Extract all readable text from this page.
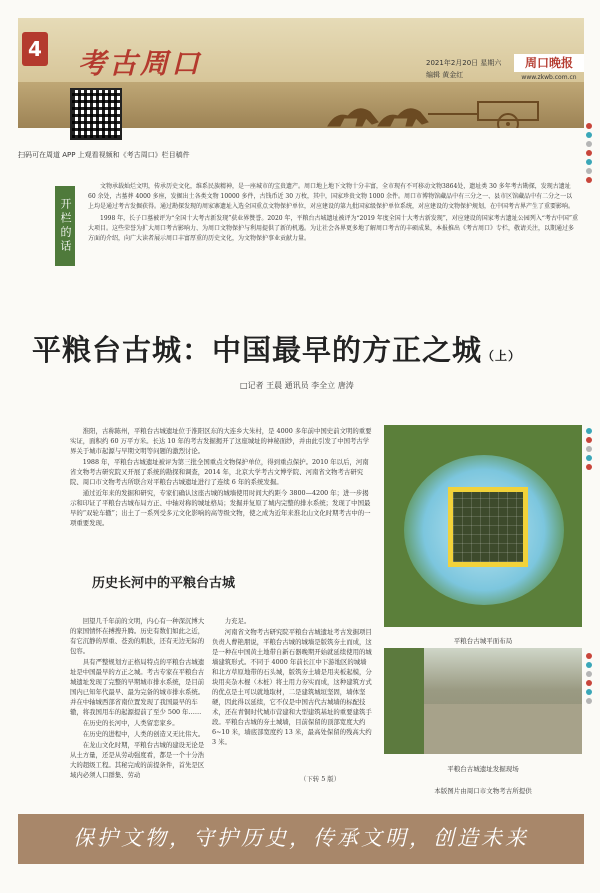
4 考古周口	2021年2月20日 星期六
编辑 黄金红
周口晚报
www.zkwb.com.cn
扫码可在周道 APP 上观看视频和《考古周口》栏目稿件
开栏的话

文物承载灿烂文明，传承历史文化，维系民族精神，是一座城市的宝贵遗产。周口地上地下文物十分丰富，全市现有不可移动文物3864处，遗址类 30 多年考古勘探，发现古遗址 60 余处，古墓葬 4000 多座，发掘出土各类文物 10000 多件，古钱币近 30 万枚，其中，国家珍贵文物 1000 余件。周口市博物馆藏品中有三分之一、县市区馆藏品中有二分之一以上均是通过考古发掘获得。通过勘探发现的周家寨遗址入选全国重点文物保护单位，对应建设的第九批国家级保护单位系统，对应建设的文物保护规划，在中国考古界产生了重要影响。

1998 年，长子口墓被评为“全国十大考古新发现”获业界赞誉。2020 年，平粮台古城遗址被评为“2019 年度全国十大考古新发现”，对应建设的国家考古遗址公园列入“考古中国”重大项目。这些荣誉为扩大周口考古影响力、为周口文物保护与利用提供了新的机遇。为让社会各界更多地了解周口考古的丰硕成果，本报推出《考古周口》专栏，敬请关注，以期通过多方面的介绍，向广大读者展示周口丰富厚重的历史文化，为文物保护事业贡献力量。

平粮台古城：中国最早的方正之城（上）
□记者 王晨 通讯员 李全立 唐涛

淮阳，古称陈州，平粮台古城遗址位于淮阳区东的大连乡大朱村，是 4000 多年前中国史前文明的重要实证，面积约 60 万平方米。长达 10 年的考古发掘揭开了这座城址的神秘面纱，并由此引发了中国考古学界关于城市起源与早期文明等问题的激烈讨论。

1988 年，平粮台古城遗址被评为第三批全国重点文物保护单位，得到重点保护。2010 年以后，河南省文物考古研究院又开展了系统的勘探和调查，2014 年，北京大学考古文博学院、河南省文物考古研究院、周口市文物考古所联合对平粮台古城遗址进行了连续 6 年的系统发掘。

通过近年来的发掘和研究，专家们确认这座古城的城墙使用时间大约距今 3800—4200 年；进一步揭示和印证了平粮台古城布局方正、中轴对称的城址格局；发掘并复原了城内完整的排水系统；发现了中国最早的“双轮车辙”；出土了一系列受多元文化影响的高等级文物，使之成为近年来淮北山文化时期考古中的一项重要发现。

历史长河中的平粮台古城

回望几千年前的文明，内心有一种深沉博大的家国情怀在搏搜升腾。历史有数们如此之近，有它沉静的厚重、苍劲的肌肤，还有无边无际的包容。

具有严整规划方正格局特点的平粮台古城遗址是中国最早的方正之城。考古专家在平粮台古城遗址发现了完整的早期城市排水系统，是目前国内已知年代最早、最为完备的城市排水系统。并在中轴城西部省南位置发现了我国最早的车辙，将我国用车的起源提前了至少 500 年……

在历史的长河中，人类留恋家乡。

在历史的进程中，人类的创造又无比伟大。

在龙山文化时期，平粮台古城的建设无论是从土方量，还是从劳动强度看，都是一个十分浩大的超级工程。其秘完成的前提条件，首先是区域内必须人口群集、劳动

力充足。

河南省文物考古研究院平粮台古城遗址考古发掘项目负责人曹艳朋说，平粮台古城的城墙是版筑夯土而成，这是一种在中国黄土地带自新石器晚期开始就延续使用的城墙建筑形式。不同于 4000 年前长江中下游地区的城墙和北方草原地带的石头城，版筑夯土墙是用夹板起模，分块用夹杂木棍（木桩）将土用力夯实而成，这种建筑方式的优点是土可以就地取材，二是建筑城垣坚固，墙体坚硬，因此得以延续，它不仅是中国古代古城墙的标配技术，还在青铜时代城市营建和大型建筑基址的重要建筑手段。平粮台古城的夯土城墙，目前保留的顶部宽度大约 6~10 米，墙底部宽度约 13 米，最高处保留的残高大约 3 米。

（下转 5 版）
平粮台古城平面布局
平粮台古城遗址发掘现场
本版图片由周口市文物考古所提供
保护文物，守护历史，传承文明，创造未来
